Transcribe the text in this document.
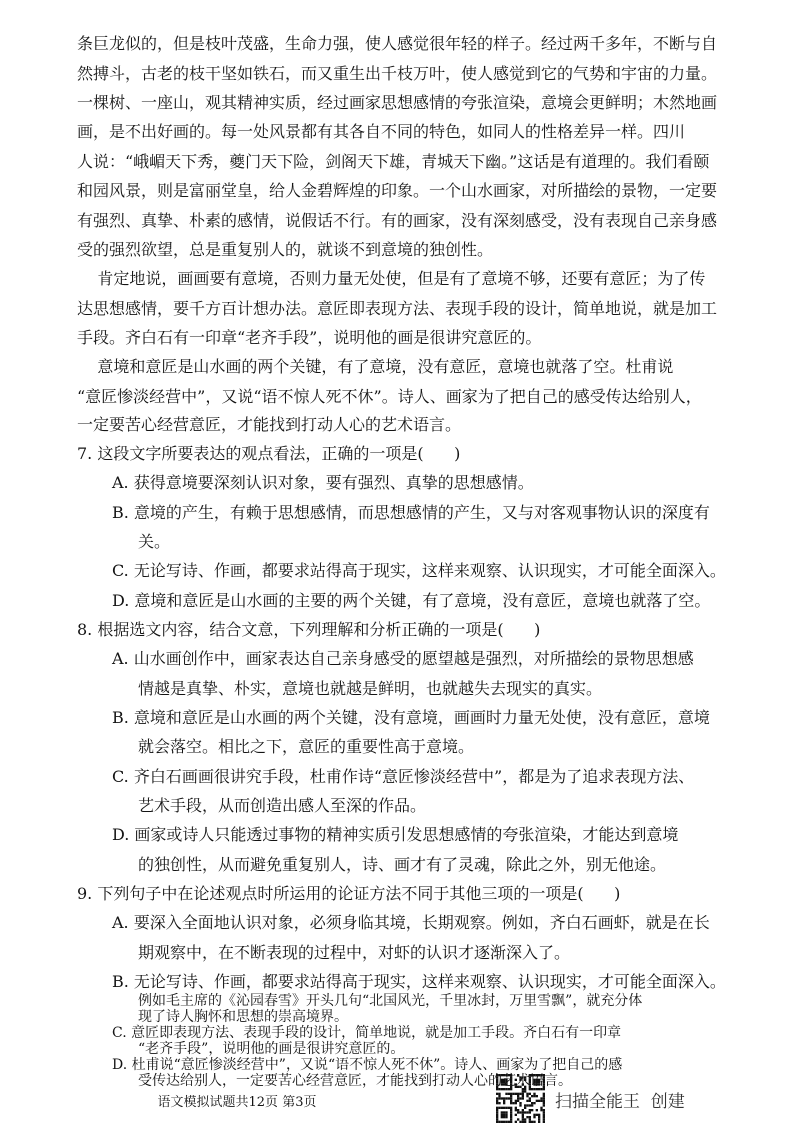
条巨龙似的，但是枝叶茂盛，生命力强，使人感觉很年轻的样子。经过两千多年，不断与自
然搏斗，古老的枝干坚如铁石，而又重生出千枝万叶，使人感觉到它的气势和宇宙的力量。
一棵树、一座山，观其精神实质，经过画家思想感情的夸张渲染，意境会更鲜明；木然地画
画，是不出好画的。每一处风景都有其各自不同的特色，如同人的性格差异一样。四川
人说：“峨嵋天下秀，夔门天下险，剑阁天下雄，青城天下幽。”这话是有道理的。我们看颐
和园风景，则是富丽堂皇，给人金碧辉煌的印象。一个山水画家，对所描绘的景物，一定要
有强烈、真挚、朴素的感情，说假话不行。有的画家，没有深刻感受，没有表现自己亲身感
受的强烈欲望，总是重复别人的，就谈不到意境的独创性。
肯定地说，画画要有意境，否则力量无处使，但是有了意境不够，还要有意匠；为了传
达思想感情，要千方百计想办法。意匠即表现方法、表现手段的设计，简单地说，就是加工
手段。齐白石有一印章“老齐手段”，说明他的画是很讲究意匠的。
意境和意匠是山水画的两个关键，有了意境，没有意匠，意境也就落了空。杜甫说
“意匠惨淡经营中”，又说“语不惊人死不休”。诗人、画家为了把自己的感受传达给别人，
一定要苦心经营意匠，才能找到打动人心的艺术语言。
7. 这段文字所要表达的观点看法，正确的一项是(      )
A. 获得意境要深刻认识对象，要有强烈、真挚的思想感情。
B. 意境的产生，有赖于思想感情，而思想感情的产生，又与对客观事物认识的深度有
关。
C. 无论写诗、作画，都要求站得高于现实，这样来观察、认识现实，才可能全面深入。
D. 意境和意匠是山水画的主要的两个关键，有了意境，没有意匠，意境也就落了空。
8. 根据选文内容，结合文意，下列理解和分析正确的一项是(      )
A. 山水画创作中，画家表达自己亲身感受的愿望越是强烈，对所描绘的景物思想感
情越是真挚、朴实，意境也就越是鲜明，也就越失去现实的真实。
B. 意境和意匠是山水画的两个关键，没有意境，画画时力量无处使，没有意匠，意境
就会落空。相比之下，意匠的重要性高于意境。
C. 齐白石画画很讲究手段，杜甫作诗“意匠惨淡经营中”，都是为了追求表现方法、
艺术手段，从而创造出感人至深的作品。
D. 画家或诗人只能透过事物的精神实质引发思想感情的夸张渲染，才能达到意境
的独创性，从而避免重复别人，诗、画才有了灵魂，除此之外，别无他途。
9. 下列句子中在论述观点时所运用的论证方法不同于其他三项的一项是(      )
A. 要深入全面地认识对象，必须身临其境，长期观察。例如，齐白石画虾，就是在长
期观察中，在不断表现的过程中，对虾的认识才逐渐深入了。
B. 无论写诗、作画，都要求站得高于现实，这样来观察、认识现实，才可能全面深入。
语文模拟试题共12页 第3页	扫描全能王  创建
例如毛主席的《沁园春雪》开头几句“北国风光，千里冰封，万里雪飘”，就充分体
现了诗人胸怀和思想的崇高境界。
C. 意匠即表现方法、表现手段的设计，简单地说，就是加工手段。齐白石有一印章
“老齐手段”，说明他的画是很讲究意匠的。
D. 杜甫说“意匠惨淡经营中”，又说“语不惊人死不休”。诗人、画家为了把自己的感
受传达给别人，一定要苦心经营意匠，才能找到打动人心的艺术语言。
